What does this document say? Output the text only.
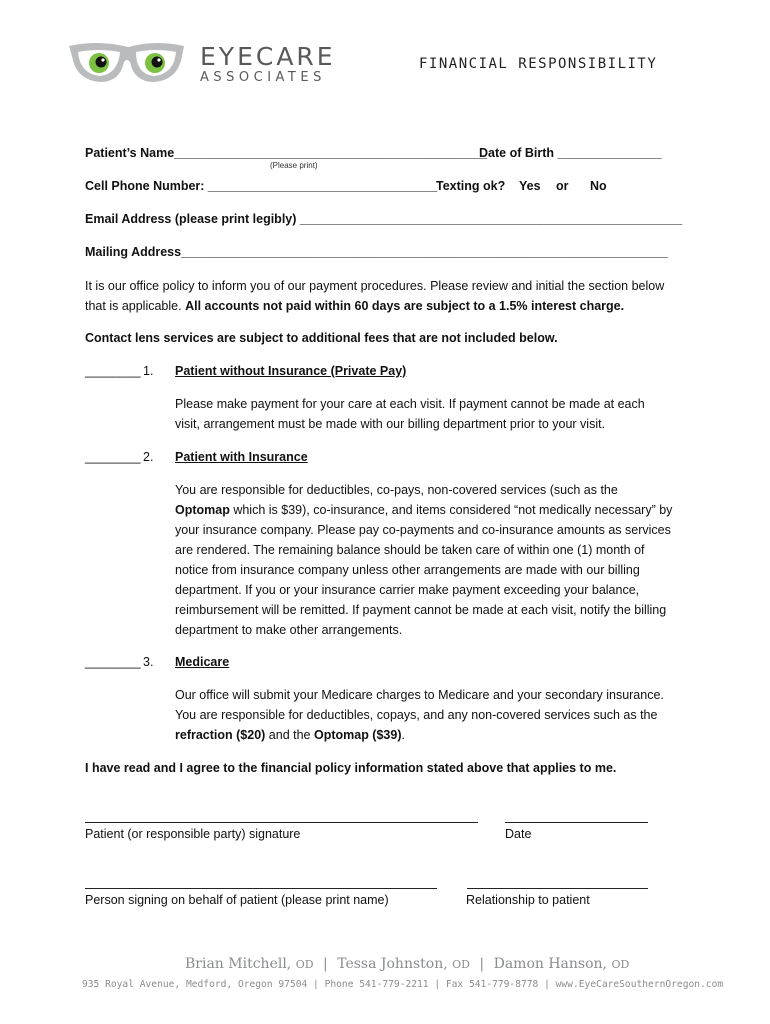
EYECARE
ASSOCIATES
FINANCIAL RESPONSIBILITY
Patient’s Name_____________________________________________
(Please print)
Date of Birth _______________
Cell Phone Number: _________________________________
Texting ok? Yes or No
Email Address (please print legibly) _______________________________________________________
Mailing Address______________________________________________________________________
It is our office policy to inform you of our payment procedures. Please review and initial the section below that is applicable. All accounts not paid within 60 days are subject to a 1.5% interest charge.
Contact lens services are subject to additional fees that are not included below.
________ 1. Patient without Insurance (Private Pay)
Please make payment for your care at each visit. If payment cannot be made at each visit, arrangement must be made with our billing department prior to your visit.
________ 2. Patient with Insurance
You are responsible for deductibles, co-pays, non-covered services (such as the Optomap which is $39), co-insurance, and items considered “not medically necessary” by your insurance company. Please pay co-payments and co-insurance amounts as services are rendered. The remaining balance should be taken care of within one (1) month of notice from insurance company unless other arrangements are made with our billing department. If you or your insurance carrier make payment exceeding your balance, reimbursement will be remitted. If payment cannot be made at each visit, notify the billing department to make other arrangements.
________ 3. Medicare
Our office will submit your Medicare charges to Medicare and your secondary insurance. You are responsible for deductibles, copays, and any non-covered services such as the refraction ($20) and the Optomap ($39).
I have read and I agree to the financial policy information stated above that applies to me.
Patient (or responsible party) signature	Date
Person signing on behalf of patient (please print name)	Relationship to patient
Brian Mitchell, OD | Tessa Johnston, OD | Damon Hanson, OD
935 Royal Avenue, Medford, Oregon 97504 | Phone 541-779-2211 | Fax 541-779-8778 | www.EyeCareSouthernOregon.com
